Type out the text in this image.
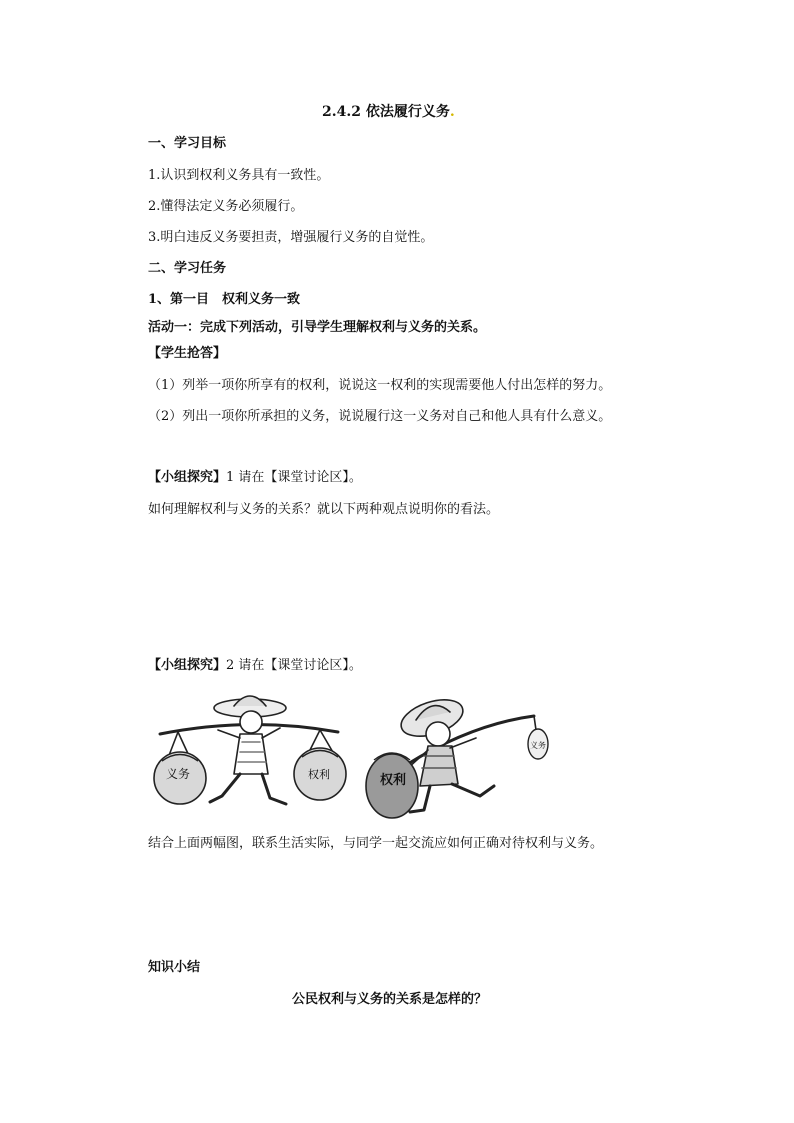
2.4.2 依法履行义务.
一、学习目标
1.认识到权利义务具有一致性。
2.懂得法定义务必须履行。
3.明白违反义务要担责，增强履行义务的自觉性。
二、学习任务
1、第一目　权利义务一致
活动一：完成下列活动，引导学生理解权利与义务的关系。
【学生抢答】
（1）列举一项你所享有的权利，说说这一权利的实现需要他人付出怎样的努力。
（2）列出一项你所承担的义务，说说履行这一义务对自己和他人具有什么意义。
【小组探究】1 请在【课堂讨论区】。
如何理解权利与义务的关系？就以下两种观点说明你的看法。
【小组探究】2 请在【课堂讨论区】。
义务	权利	权利
义务
结合上面两幅图，联系生活实际，与同学一起交流应如何正确对待权利与义务。
知识小结
公民权利与义务的关系是怎样的？
